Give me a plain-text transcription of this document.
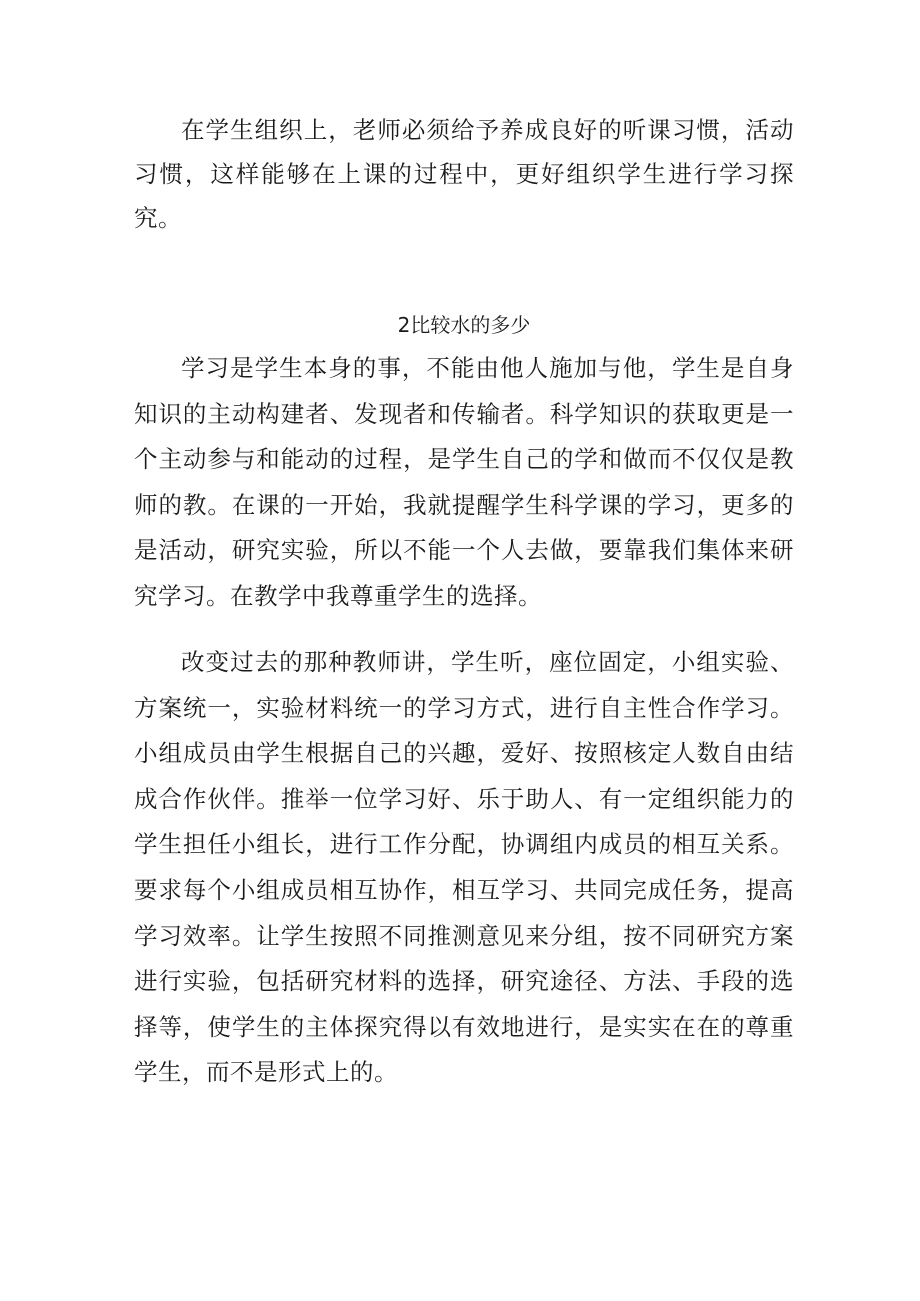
在学生组织上，老师必须给予养成良好的听课习惯，活动习惯，这样能够在上课的过程中，更好组织学生进行学习探究。

2比较水的多少

学习是学生本身的事，不能由他人施加与他，学生是自身知识的主动构建者、发现者和传输者。科学知识的获取更是一个主动参与和能动的过程，是学生自己的学和做而不仅仅是教师的教。在课的一开始，我就提醒学生科学课的学习，更多的是活动，研究实验，所以不能一个人去做，要靠我们集体来研究学习。在教学中我尊重学生的选择。

改变过去的那种教师讲，学生听，座位固定，小组实验、方案统一，实验材料统一的学习方式，进行自主性合作学习。小组成员由学生根据自己的兴趣，爱好、按照核定人数自由结成合作伙伴。推举一位学习好、乐于助人、有一定组织能力的学生担任小组长，进行工作分配，协调组内成员的相互关系。要求每个小组成员相互协作，相互学习、共同完成任务，提高学习效率。让学生按照不同推测意见来分组，按不同研究方案进行实验，包括研究材料的选择，研究途径、方法、手段的选择等，使学生的主体探究得以有效地进行，是实实在在的尊重学生，而不是形式上的。
